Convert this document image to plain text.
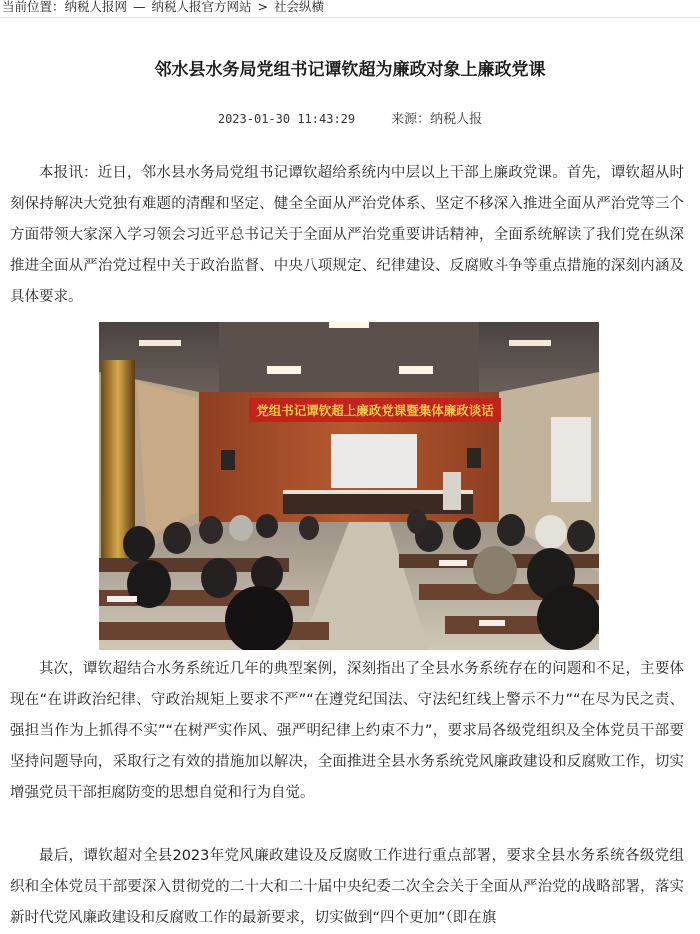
当前位置：纳税人报网 — 纳税人报官方网站 > 社会纵横
邻水县水务局党组书记谭钦超为廉政对象上廉政党课
2023-01-30 11:43:29	来源：纳税人报

本报讯：近日，邻水县水务局党组书记谭钦超给系统内中层以上干部上廉政党课。首先，谭钦超从时刻保持解决大党独有难题的清醒和坚定、健全全面从严治党体系、坚定不移深入推进全面从严治党等三个方面带领大家深入学习领会习近平总书记关于全面从严治党重要讲话精神，全面系统解读了我们党在纵深推进全面从严治党过程中关于政治监督、中央八项规定、纪律建设、反腐败斗争等重点措施的深刻内涵及具体要求。

党组书记谭钦超上廉政党课暨集体廉政谈话

其次，谭钦超结合水务系统近几年的典型案例，深刻指出了全县水务系统存在的问题和不足，主要体现在“在讲政治纪律、守政治规矩上要求不严”“在遵党纪国法、守法纪红线上警示不力”“在尽为民之责、强担当作为上抓得不实”“在树严实作风、强严明纪律上约束不力”，要求局各级党组织及全体党员干部要坚持问题导向，采取行之有效的措施加以解决，全面推进全县水务系统党风廉政建设和反腐败工作，切实增强党员干部拒腐防变的思想自觉和行为自觉。

最后，谭钦超对全县2023年党风廉政建设及反腐败工作进行重点部署，要求全县水务系统各级党组织和全体党员干部要深入贯彻党的二十大和二十届中央纪委二次全会关于全面从严治党的战略部署，落实新时代党风廉政建设和反腐败工作的最新要求，切实做到“四个更加”（即在旗
